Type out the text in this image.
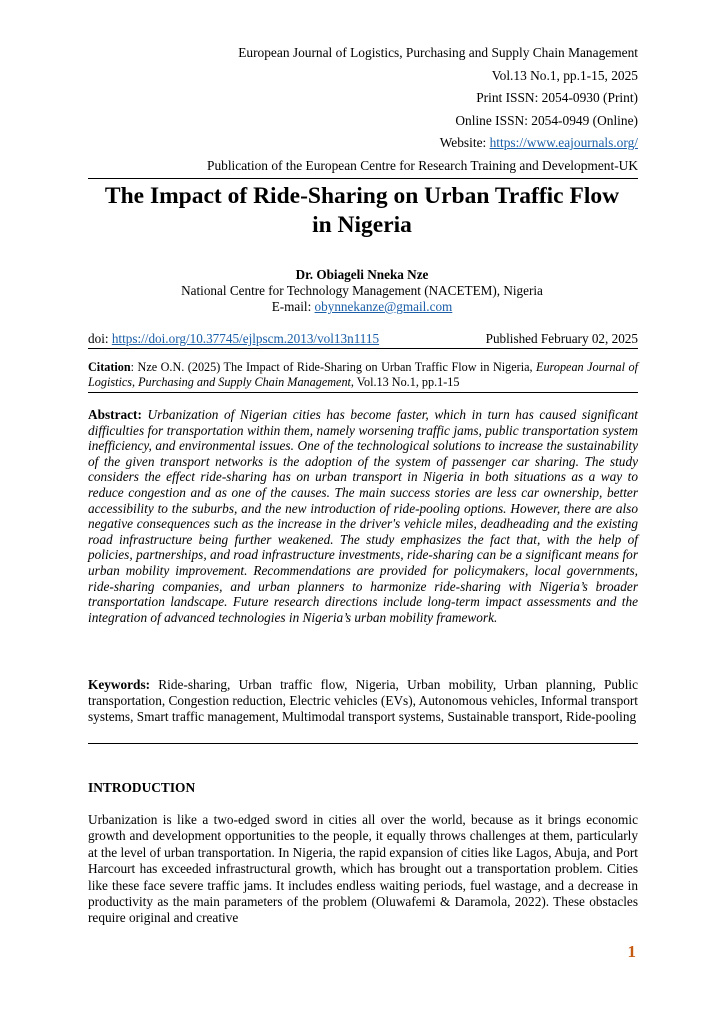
European Journal of Logistics, Purchasing and Supply Chain Management
Vol.13 No.1, pp.1-15, 2025
Print ISSN: 2054-0930 (Print)
Online ISSN: 2054-0949 (Online)
Website: https://www.eajournals.org/
Publication of the European Centre for Research Training and Development-UK
The Impact of Ride-Sharing on Urban Traffic Flow
in Nigeria
Dr. Obiageli Nneka Nze
National Centre for Technology Management (NACETEM), Nigeria
E-mail: obynnekanze@gmail.com
doi: https://doi.org/10.37745/ejlpscm.2013/vol13n1115	Published February 02, 2025
Citation: Nze O.N. (2025) The Impact of Ride-Sharing on Urban Traffic Flow in Nigeria, European Journal of Logistics, Purchasing and Supply Chain Management, Vol.13 No.1, pp.1-15
Abstract: Urbanization of Nigerian cities has become faster, which in turn has caused significant difficulties for transportation within them, namely worsening traffic jams, public transportation system inefficiency, and environmental issues. One of the technological solutions to increase the sustainability of the given transport networks is the adoption of the system of passenger car sharing. The study considers the effect ride-sharing has on urban transport in Nigeria in both situations as a way to reduce congestion and as one of the causes. The main success stories are less car ownership, better accessibility to the suburbs, and the new introduction of ride-pooling options. However, there are also negative consequences such as the increase in the driver's vehicle miles, deadheading and the existing road infrastructure being further weakened. The study emphasizes the fact that, with the help of policies, partnerships, and road infrastructure investments, ride-sharing can be a significant means for urban mobility improvement. Recommendations are provided for policymakers, local governments, ride-sharing companies, and urban planners to harmonize ride-sharing with Nigeria’s broader transportation landscape. Future research directions include long-term impact assessments and the integration of advanced technologies in Nigeria’s urban mobility framework.
Keywords: Ride-sharing, Urban traffic flow, Nigeria, Urban mobility, Urban planning, Public transportation, Congestion reduction, Electric vehicles (EVs), Autonomous vehicles, Informal transport systems, Smart traffic management, Multimodal transport systems, Sustainable transport, Ride-pooling
INTRODUCTION
Urbanization is like a two-edged sword in cities all over the world, because as it brings economic growth and development opportunities to the people, it equally throws challenges at them, particularly at the level of urban transportation. In Nigeria, the rapid expansion of cities like Lagos, Abuja, and Port Harcourt has exceeded infrastructural growth, which has brought out a transportation problem. Cities like these face severe traffic jams. It includes endless waiting periods, fuel wastage, and a decrease in productivity as the main parameters of the problem (Oluwafemi & Daramola, 2022). These obstacles require original and creative
1
